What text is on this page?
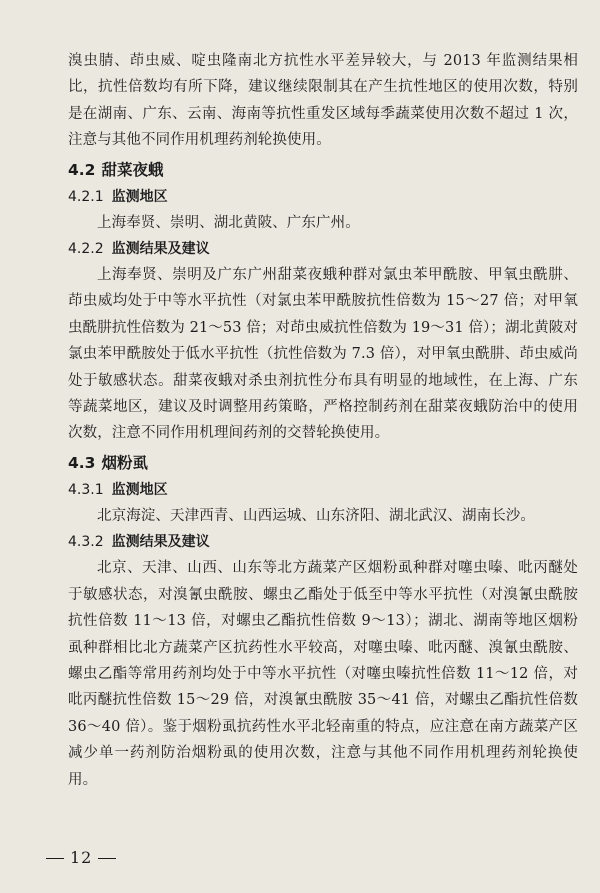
溴虫腈、茚虫威、啶虫隆南北方抗性水平差异较大，与 2013 年监测结果相比，抗性倍数均有所下降，建议继续限制其在产生抗性地区的使用次数，特别是在湖南、广东、云南、海南等抗性重发区域每季蔬菜使用次数不超过 1 次，注意与其他不同作用机理药剂轮换使用。

4.2 甜菜夜蛾
4.2.1 监测地区

上海奉贤、崇明、湖北黄陂、广东广州。

4.2.2 监测结果及建议

上海奉贤、崇明及广东广州甜菜夜蛾种群对氯虫苯甲酰胺、甲氧虫酰肼、茚虫威均处于中等水平抗性（对氯虫苯甲酰胺抗性倍数为 15～27 倍；对甲氧虫酰肼抗性倍数为 21～53 倍；对茚虫威抗性倍数为 19～31 倍）；湖北黄陂对氯虫苯甲酰胺处于低水平抗性（抗性倍数为 7.3 倍），对甲氧虫酰肼、茚虫威尚处于敏感状态。甜菜夜蛾对杀虫剂抗性分布具有明显的地域性，在上海、广东等蔬菜地区，建议及时调整用药策略，严格控制药剂在甜菜夜蛾防治中的使用次数，注意不同作用机理间药剂的交替轮换使用。

4.3 烟粉虱
4.3.1 监测地区

北京海淀、天津西青、山西运城、山东济阳、湖北武汉、湖南长沙。

4.3.2 监测结果及建议

北京、天津、山西、山东等北方蔬菜产区烟粉虱种群对噻虫嗪、吡丙醚处于敏感状态，对溴氰虫酰胺、螺虫乙酯处于低至中等水平抗性（对溴氰虫酰胺抗性倍数 11～13 倍，对螺虫乙酯抗性倍数 9～13）；湖北、湖南等地区烟粉虱种群相比北方蔬菜产区抗药性水平较高，对噻虫嗪、吡丙醚、溴氰虫酰胺、螺虫乙酯等常用药剂均处于中等水平抗性（对噻虫嗪抗性倍数 11～12 倍，对吡丙醚抗性倍数 15～29 倍，对溴氰虫酰胺 35～41 倍，对螺虫乙酯抗性倍数 36～40 倍）。鉴于烟粉虱抗药性水平北轻南重的特点，应注意在南方蔬菜产区减少单一药剂防治烟粉虱的使用次数，注意与其他不同作用机理药剂轮换使用。

12
